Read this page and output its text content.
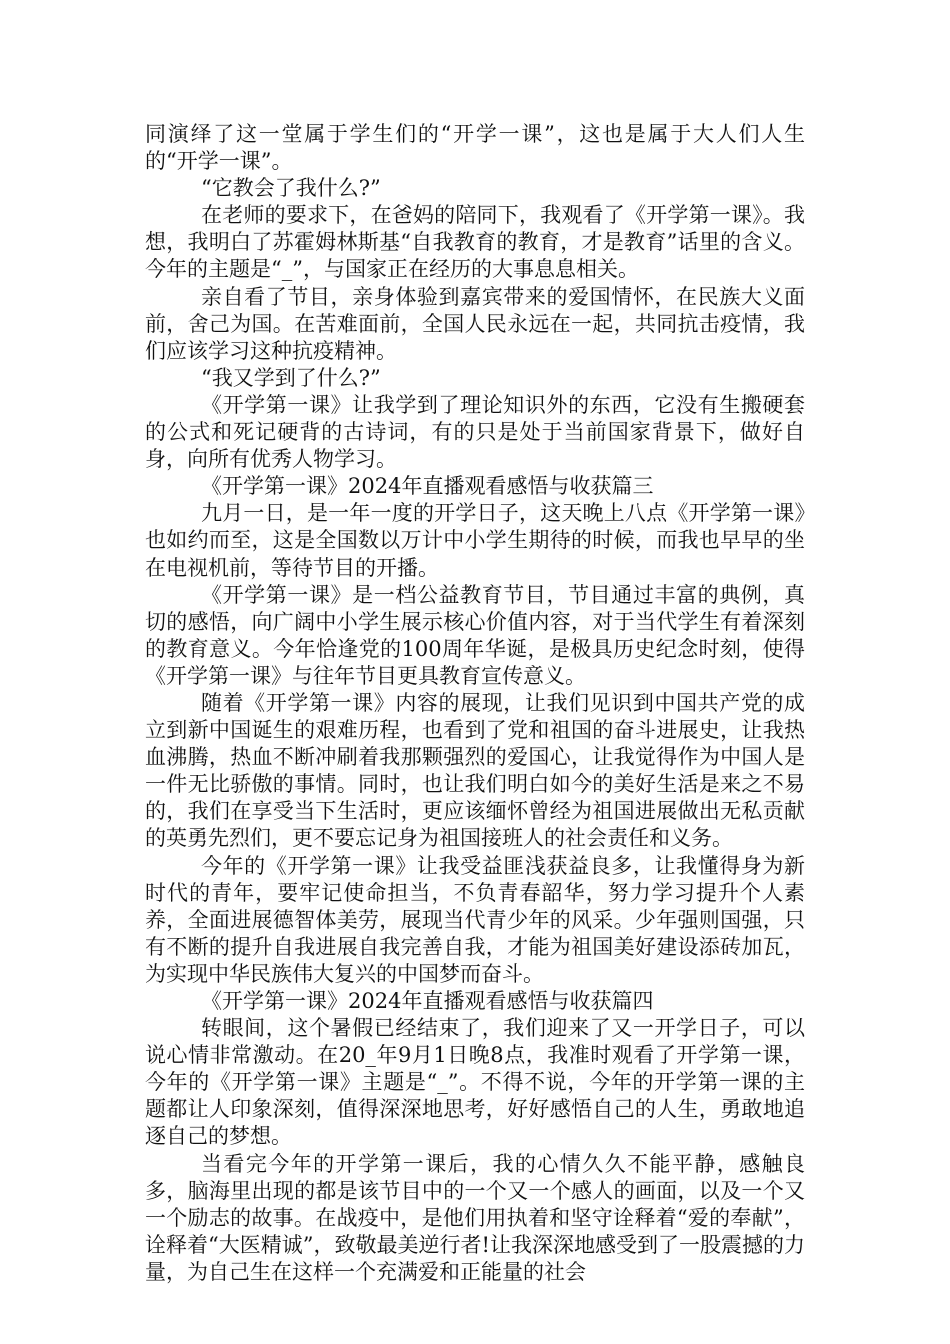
同演绎了这一堂属于学生们的“开学一课”，这也是属于大人们人生的“开学一课”。

“它教会了我什么?”

在老师的要求下，在爸妈的陪同下，我观看了《开学第一课》。我想，我明白了苏霍姆林斯基“自我教育的教育，才是教育”话里的含义。今年的主题是“_”，与国家正在经历的大事息息相关。

亲自看了节目，亲身体验到嘉宾带来的爱国情怀，在民族大义面前，舍己为国。在苦难面前，全国人民永远在一起，共同抗击疫情，我们应该学习这种抗疫精神。

“我又学到了什么?”

《开学第一课》让我学到了理论知识外的东西，它没有生搬硬套的公式和死记硬背的古诗词，有的只是处于当前国家背景下，做好自身，向所有优秀人物学习。

《开学第一课》2024年直播观看感悟与收获篇三

九月一日，是一年一度的开学日子，这天晚上八点《开学第一课》也如约而至，这是全国数以万计中小学生期待的时候，而我也早早的坐在电视机前，等待节目的开播。

《开学第一课》是一档公益教育节目，节目通过丰富的典例，真切的感悟，向广阔中小学生展示核心价值内容，对于当代学生有着深刻的教育意义。今年恰逢党的100周年华诞，是极具历史纪念时刻，使得《开学第一课》与往年节目更具教育宣传意义。

随着《开学第一课》内容的展现，让我们见识到中国共产党的成立到新中国诞生的艰难历程，也看到了党和祖国的奋斗进展史，让我热血沸腾，热血不断冲刷着我那颗强烈的爱国心，让我觉得作为中国人是一件无比骄傲的事情。同时，也让我们明白如今的美好生活是来之不易的，我们在享受当下生活时，更应该缅怀曾经为祖国进展做出无私贡献的英勇先烈们，更不要忘记身为祖国接班人的社会责任和义务。

今年的《开学第一课》让我受益匪浅获益良多，让我懂得身为新时代的青年，要牢记使命担当，不负青春韶华，努力学习提升个人素养，全面进展德智体美劳，展现当代青少年的风采。少年强则国强，只有不断的提升自我进展自我完善自我，才能为祖国美好建设添砖加瓦，为实现中华民族伟大复兴的中国梦而奋斗。

《开学第一课》2024年直播观看感悟与收获篇四

转眼间，这个暑假已经结束了，我们迎来了又一开学日子，可以说心情非常激动。在20_年9月1日晚8点，我准时观看了开学第一课，今年的《开学第一课》主题是“_”。不得不说，今年的开学第一课的主题都让人印象深刻，值得深深地思考，好好感悟自己的人生，勇敢地追逐自己的梦想。

当看完今年的开学第一课后，我的心情久久不能平静，感触良多，脑海里出现的都是该节目中的一个又一个感人的画面，以及一个又一个励志的故事。在战疫中，是他们用执着和坚守诠释着“爱的奉献”，诠释着“大医精诚”，致敬最美逆行者!让我深深地感受到了一股震撼的力量，为自己生在这样一个充满爱和正能量的社会
